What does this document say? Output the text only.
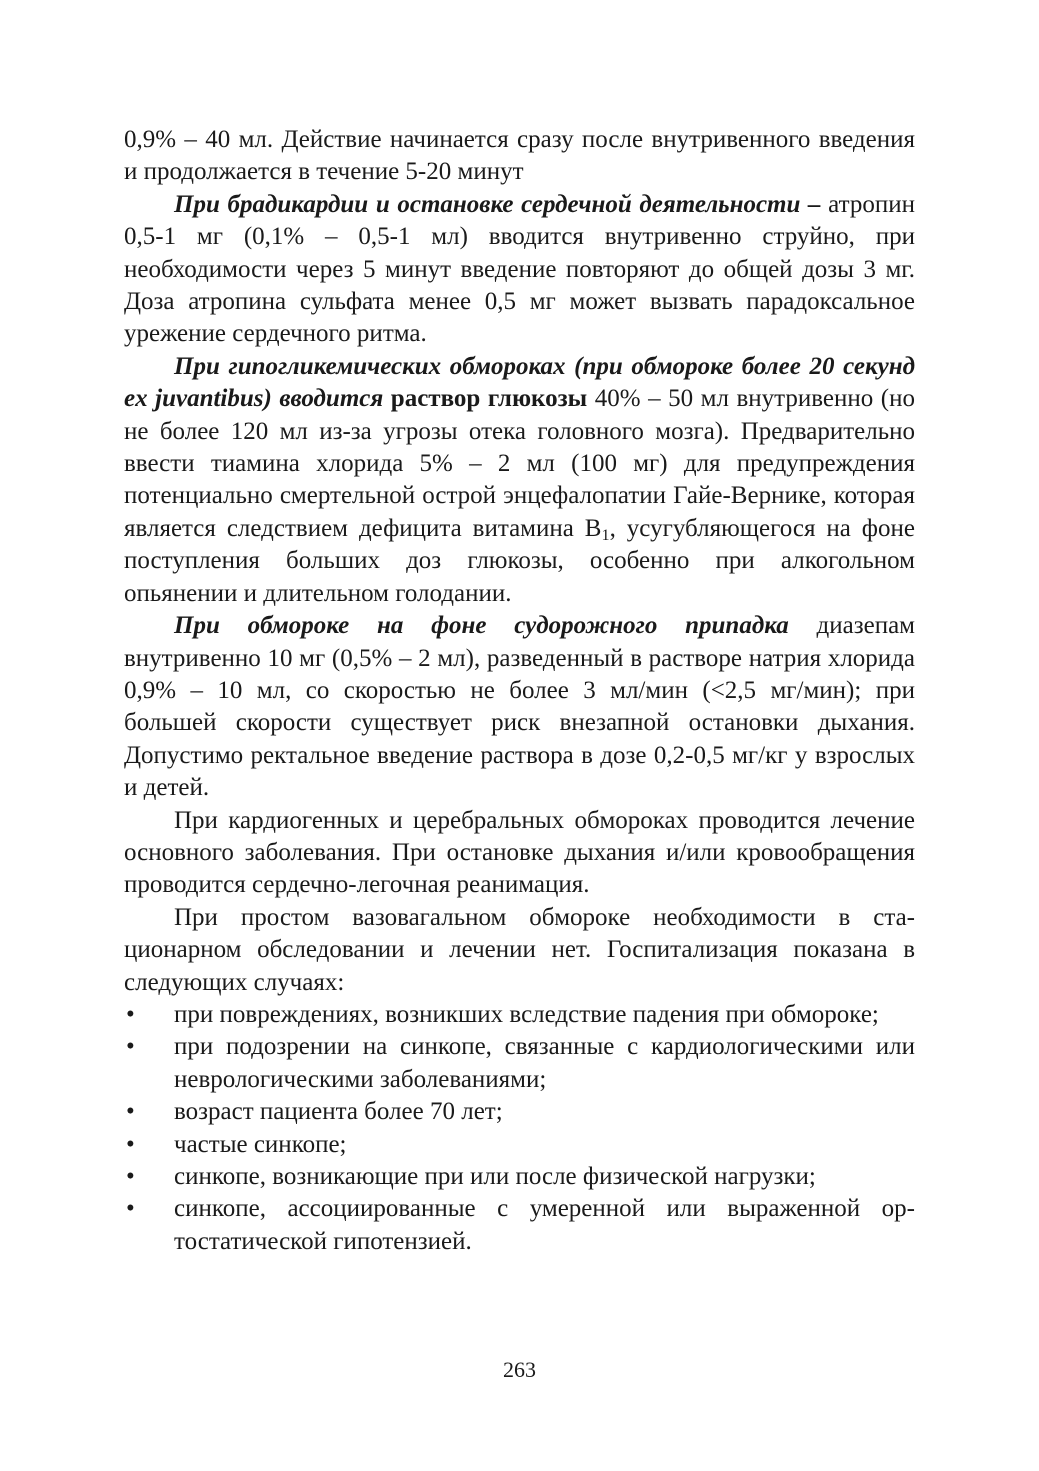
0,9% – 40 мл. Действие начинается сразу после внутривенного введения и продолжается в течение 5-20 минут

При брадикардии и остановке сердечной деятельности – атропин 0,5-1 мг (0,1% – 0,5-1 мл) вводится внутривенно струйно, при необходимости через 5 минут введение повторяют до общей дозы 3 мг. Доза атропина сульфата менее 0,5 мг может вызвать парадоксальное урежение сердечного ритма.

При гипогликемических обмороках (при обмороке более 20 секунд ex juvantibus) вводится раствор глюкозы 40% – 50 мл внутривенно (но не более 120 мл из-за угрозы отека головного мозга). Предварительно ввести тиамина хлорида 5% – 2 мл (100 мг) для предупреждения потенциально смертельной острой энцефалопатии Гайе-Вернике, которая является следствием дефицита витамина $В_1$, усугубляющегося на фоне поступления больших доз глюкозы, особенно при алкогольном опьянении и длительном голодании.

При обмороке на фоне судорожного припадка диазепам внутривенно 10 мг (0,5% – 2 мл), разведенный в растворе натрия хлорида 0,9% – 10 мл, со скоростью не более 3 мл/мин (<2,5 мг/мин); при большей скорости существует риск внезапной остановки дыхания. Допустимо ректальное введение раствора в дозе 0,2-0,5 мг/кг у взрослых и детей.

При кардиогенных и церебральных обмороках проводится лечение основного заболевания. При остановке дыхания и/или кровообращения проводится сердечно-легочная реанимация.

При простом вазовагальном обмороке необходимости в стационарном обследовании и лечении нет. Госпитализация показана в следующих случаях:

• при повреждениях, возникших вследствие падения при обмороке;
• при подозрении на синкопе, связанные с кардиологическими или неврологическими заболеваниями;
• возраст пациента более 70 лет;
• частые синкопе;
• синкопе, возникающие при или после физической нагрузки;
• синкопе, ассоциированные с умеренной или выраженной ортостатической гипотензией.
263
